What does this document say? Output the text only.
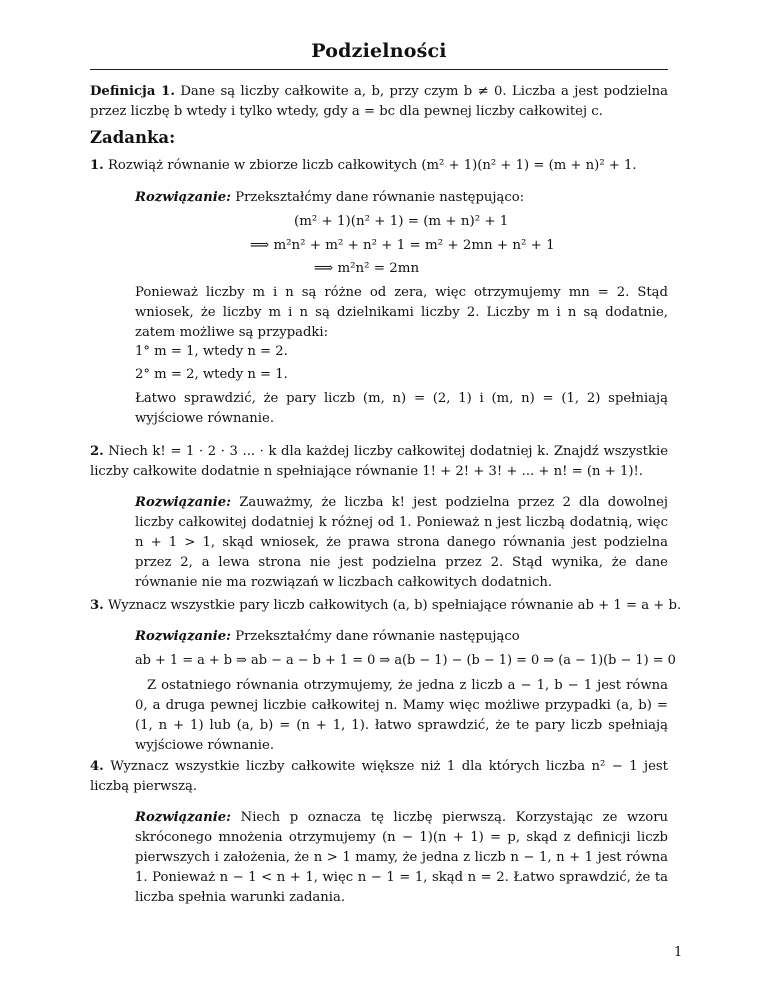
Podzielności
Definicja 1. Dane są liczby całkowite a, b, przy czym b ≠ 0. Liczba a jest podzielna przez liczbę b wtedy i tylko wtedy, gdy a = bc dla pewnej liczby całkowitej c.
Zadanka:
1. Rozwiąż równanie w zbiorze liczb całkowitych (m² + 1)(n² + 1) = (m + n)² + 1.
Rozwiązanie: Przekształćmy dane równanie następująco:
(m² + 1)(n² + 1) = (m + n)² + 1
⟹ m²n² + m² + n² + 1 = m² + 2mn + n² + 1
⟹ m²n² = 2mn
Ponieważ liczby m i n są różne od zera, więc otrzymujemy mn = 2. Stąd wniosek, że liczby m i n są dzielnikami liczby 2. Liczby m i n są dodatnie, zatem możliwe są przypadki:
1° m = 1, wtedy n = 2.
2° m = 2, wtedy n = 1.
Łatwo sprawdzić, że pary liczb (m, n) = (2, 1) i (m, n) = (1, 2) spełniają wyjściowe równanie.
2. Niech k! = 1 · 2 · 3 ... · k dla każdej liczby całkowitej dodatniej k. Znajdź wszystkie liczby całkowite dodatnie n spełniające równanie 1! + 2! + 3! + ... + n! = (n + 1)!.
Rozwiązanie: Zauważmy, że liczba k! jest podzielna przez 2 dla dowolnej liczby całkowitej dodatniej k różnej od 1. Ponieważ n jest liczbą dodatnią, więc n + 1 > 1, skąd wniosek, że prawa strona danego równania jest podzielna przez 2, a lewa strona nie jest podzielna przez 2. Stąd wynika, że dane równanie nie ma rozwiązań w liczbach całkowitych dodatnich.
3. Wyznacz wszystkie pary liczb całkowitych (a, b) spełniające równanie ab + 1 = a + b.
Rozwiązanie: Przekształćmy dane równanie następująco
ab + 1 = a + b ⇒ ab − a − b + 1 = 0 ⇒ a(b − 1) − (b − 1) = 0 ⇒ (a − 1)(b − 1) = 0
Z ostatniego równania otrzymujemy, że jedna z liczb a − 1, b − 1 jest równa 0, a druga pewnej liczbie całkowitej n. Mamy więc możliwe przypadki (a, b) = (1, n + 1) lub (a, b) = (n + 1, 1). łatwo sprawdzić, że te pary liczb spełniają wyjściowe równanie.
4. Wyznacz wszystkie liczby całkowite większe niż 1 dla których liczba n² − 1 jest liczbą pierwszą.
Rozwiązanie: Niech p oznacza tę liczbę pierwszą. Korzystając ze wzoru skróconego mnożenia otrzymujemy (n − 1)(n + 1) = p, skąd z definicji liczb pierwszych i założenia, że n > 1 mamy, że jedna z liczb n − 1, n + 1 jest równa 1. Ponieważ n − 1 < n + 1, więc n − 1 = 1, skąd n = 2. Łatwo sprawdzić, że ta liczba spełnia warunki zadania.
1
